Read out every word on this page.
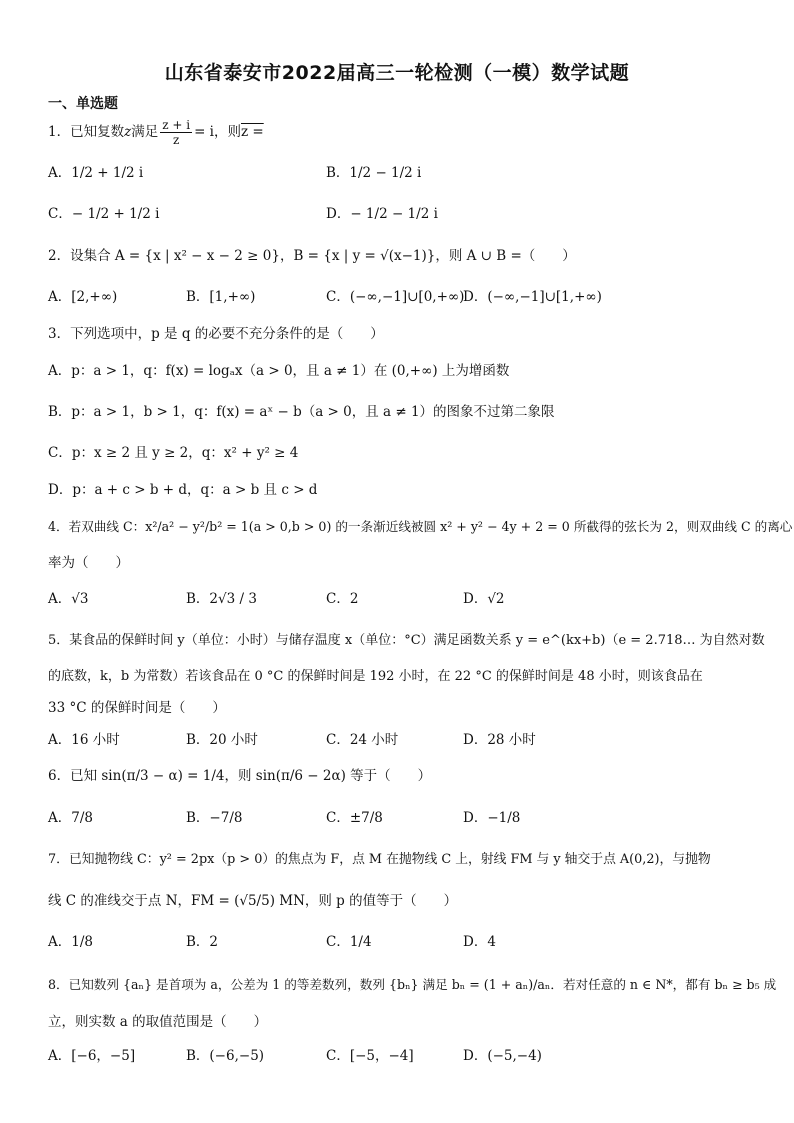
山东省泰安市2022届高三一轮检测（一模）数学试题
一、单选题
1．已知复数z满足 $\frac{z + i}{z} = i$，则z =
A．1/2 + 1/2 i	B．1/2 − 1/2 i
C．− 1/2 + 1/2 i	D．− 1/2 − 1/2 i
2．设集合 A = {x | x² − x − 2 ≥ 0}，B = {x | y = √(x−1)}，则 A ∪ B =（　　）
A．[2,+∞)	B．[1,+∞)	C．(−∞,−1]∪[0,+∞)
D．(−∞,−1]∪[1,+∞)
3．下列选项中，p 是 q 的必要不充分条件的是（　　）
A．p：a > 1，q：f(x) = logₐx（a > 0，且 a ≠ 1）在 (0,+∞) 上为增函数
B．p：a > 1，b > 1，q：f(x) = aˣ − b（a > 0，且 a ≠ 1）的图象不过第二象限
C．p：x ≥ 2 且 y ≥ 2，q：x² + y² ≥ 4
D．p：a + c > b + d，q：a > b 且 c > d
4．若双曲线 C：x²/a² − y²/b² = 1(a > 0,b > 0) 的一条渐近线被圆 x² + y² − 4y + 2 = 0 所截得的弦长为 2，则双曲线 C 的离心
率为（　　）
A．√3	B．2√3 / 3	C．2	D．√2
5．某食品的保鲜时间 y（单位：小时）与储存温度 x（单位：°C）满足函数关系 y = e^(kx+b)（e = 2.718… 为自然对数
的底数，k，b 为常数）若该食品在 0 °C 的保鲜时间是 192 小时，在 22 °C 的保鲜时间是 48 小时，则该食品在
33 °C 的保鲜时间是（　　）
A．16 小时	B．20 小时	C．24 小时	D．28 小时
6．已知 sin(π/3 − α) = 1/4，则 sin(π/6 − 2α) 等于（　　）
A．7/8	B．−7/8	C．±7/8	D．−1/8
7．已知抛物线 C：y² = 2px（p > 0）的焦点为 F，点 M 在抛物线 C 上，射线 FM 与 y 轴交于点 A(0,2)，与抛物
线 C 的准线交于点 N，FM = (√5/5) MN，则 p 的值等于（　　）
A．1/8	B．2	C．1/4	D．4
8．已知数列 {aₙ} 是首项为 a，公差为 1 的等差数列，数列 {bₙ} 满足 bₙ = (1 + aₙ)/aₙ．若对任意的 n ∈ N*，都有 bₙ ≥ b₅ 成
立，则实数 a 的取值范围是（　　）
A．[−6，−5]	B．(−6,−5)	C．[−5，−4]	D．(−5,−4)
